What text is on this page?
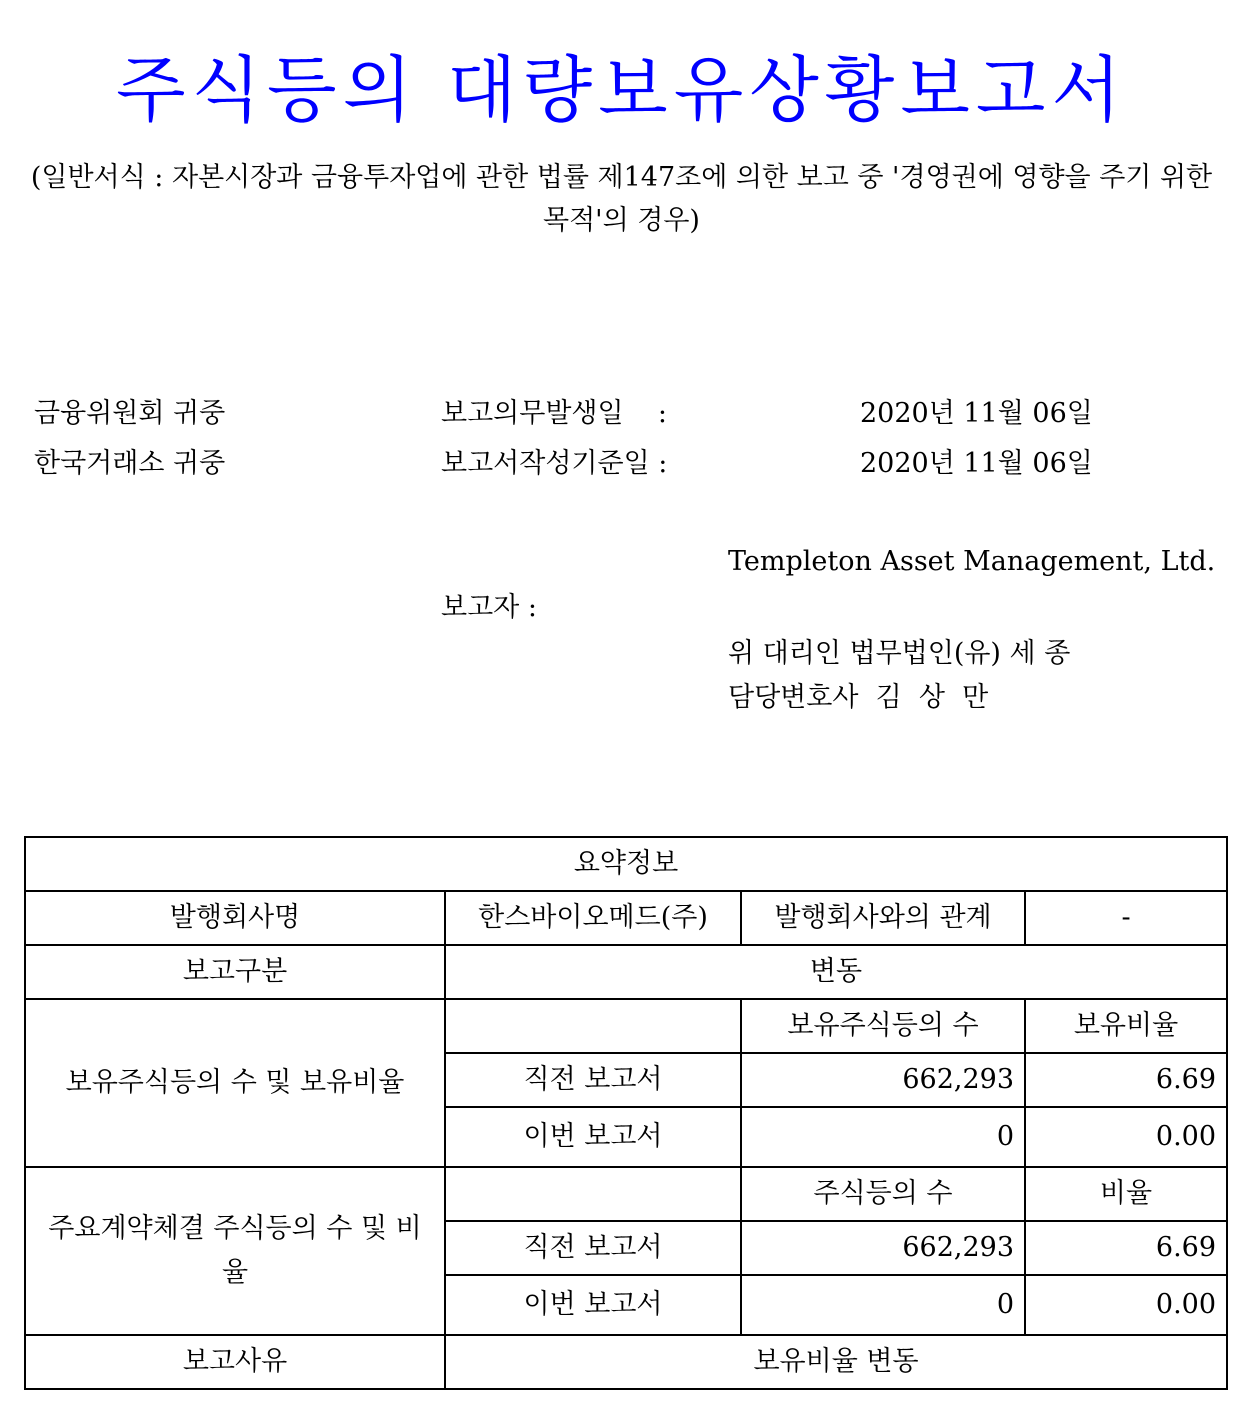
주식등의 대량보유상황보고서
(일반서식 : 자본시장과 금융투자업에 관한 법률 제147조에 의한 보고 중 '경영권에 영향을 주기 위한 목적'의 경우)
금융위원회 귀중
한국거래소 귀중
보고의무발생일    :	2020년 11월 06일
보고서작성기준일 :	2020년 11월 06일
Templeton Asset Management, Ltd.
보고자 :
위 대리인 법무법인(유) 세 종
담당변호사  김  상  만
요약정보			
발행회사명	한스바이오메드(주)	발행회사와의 관계	-
보고구분	변동		
보유주식등의 수 및 보유비율		보유주식등의 수	보유비율
	직전 보고서	662,293	6.69
	이번 보고서	0	0.00
주요계약체결 주식등의 수 및 비율		주식등의 수	비율
	직전 보고서	662,293	6.69
	이번 보고서	0	0.00
보고사유	보유비율 변동		
